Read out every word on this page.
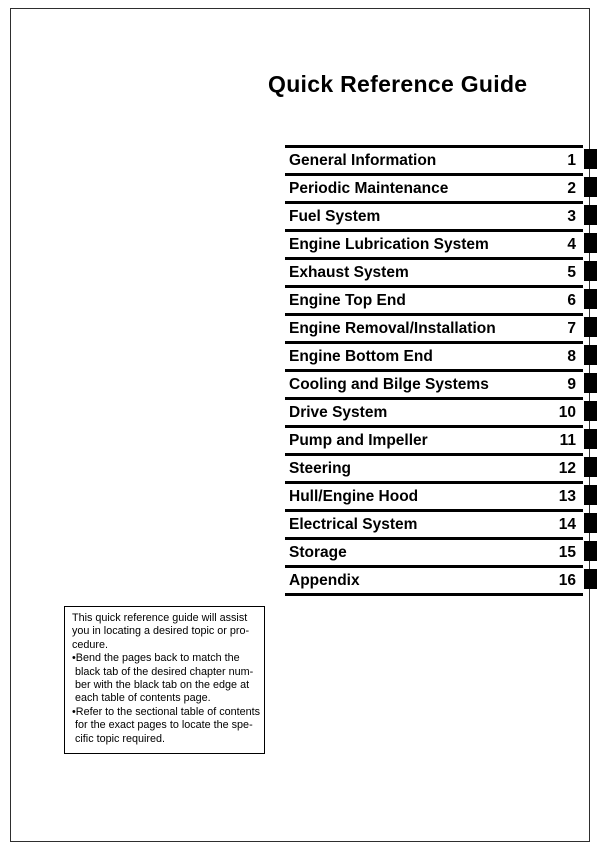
Quick Reference Guide
General Information	1
Periodic Maintenance	2
Fuel System	3
Engine Lubrication System	4
Exhaust System	5
Engine Top End	6
Engine Removal/Installation	7
Engine Bottom End	8
Cooling and Bilge Systems	9
Drive System	10
Pump and Impeller	11
Steering	12
Hull/Engine Hood	13
Electrical System	14
Storage	15
Appendix	16
This quick reference guide will assist
you in locating a desired topic or pro-
cedure.
•Bend the pages back to match the
black tab of the desired chapter num-
ber with the black tab on the edge at
each table of contents page.
•Refer to the sectional table of contents
for the exact pages to locate the spe-
cific topic required.
